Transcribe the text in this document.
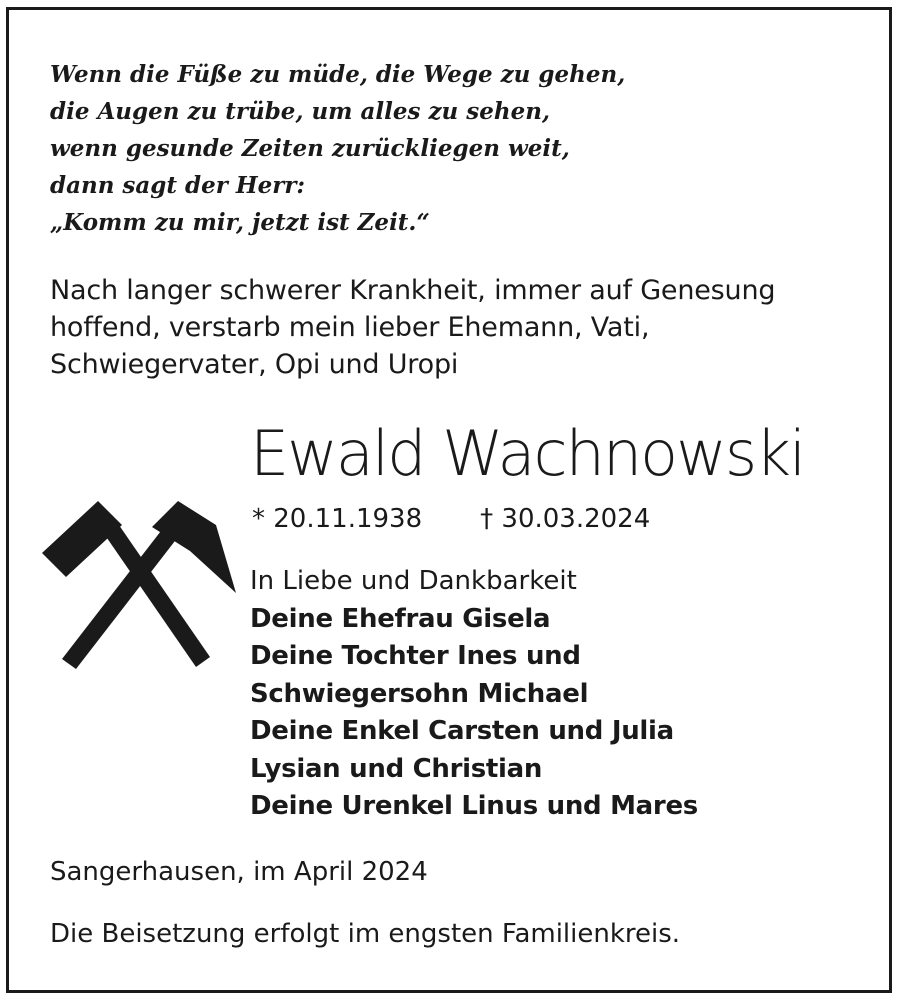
Wenn die Füße zu müde, die Wege zu gehen,
die Augen zu trübe, um alles zu sehen,
wenn gesunde Zeiten zurückliegen weit,
dann sagt der Herr:
„Komm zu mir, jetzt ist Zeit.“
Nach langer schwerer Krankheit, immer auf Genesung
hoffend, verstarb mein lieber Ehemann, Vati,
Schwiegervater, Opi und Uropi
Ewald Wachnowski
* 20.11.1938 † 30.03.2024
In Liebe und Dankbarkeit
Deine Ehefrau Gisela
Deine Tochter Ines und
Schwiegersohn Michael
Deine Enkel Carsten und Julia
Lysian und Christian
Deine Urenkel Linus und Mares
Sangerhausen, im April 2024
Die Beisetzung erfolgt im engsten Familienkreis.
